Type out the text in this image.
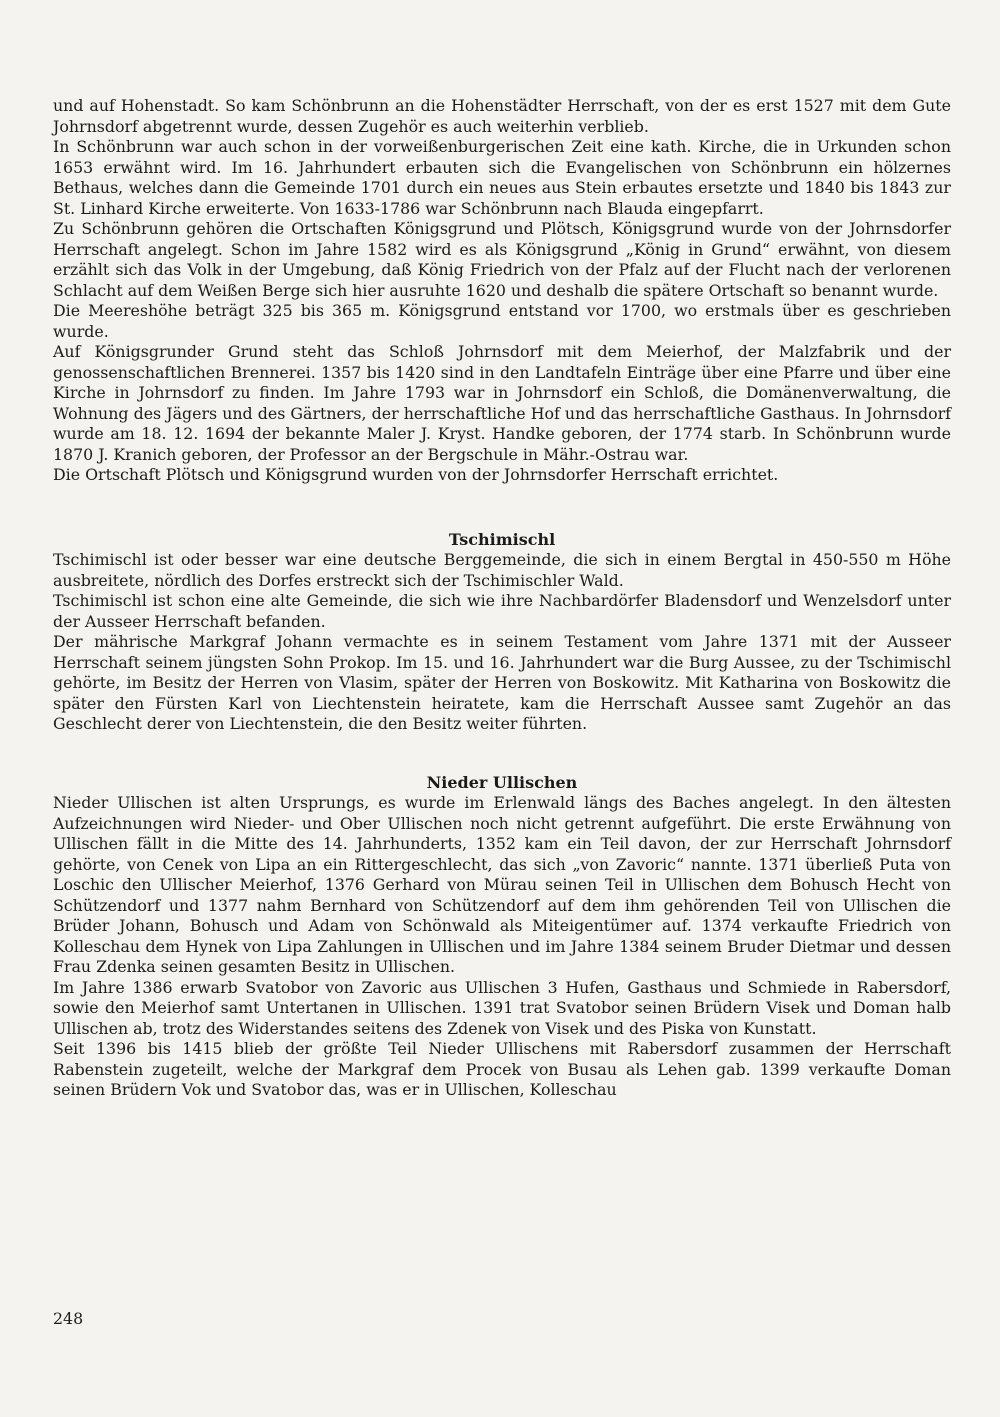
und auf Hohenstadt. So kam Schönbrunn an die Hohenstädter Herrschaft, von der es erst 1527 mit dem Gute Johrnsdorf abgetrennt wurde, dessen Zugehör es auch weiterhin verblieb.

In Schönbrunn war auch schon in der vorweißenburgerischen Zeit eine kath. Kirche, die in Urkunden schon 1653 erwähnt wird. Im 16. Jahrhundert erbauten sich die Evangelischen von Schönbrunn ein hölzernes Bethaus, welches dann die Gemeinde 1701 durch ein neues aus Stein erbautes ersetzte und 1840 bis 1843 zur St. Linhard Kirche erweiterte. Von 1633-1786 war Schönbrunn nach Blauda eingepfarrt.

Zu Schönbrunn gehören die Ortschaften Königsgrund und Plötsch, Königsgrund wurde von der Johrnsdorfer Herrschaft angelegt. Schon im Jahre 1582 wird es als Königsgrund „König in Grund“ erwähnt, von diesem erzählt sich das Volk in der Umgebung, daß König Friedrich von der Pfalz auf der Flucht nach der verlorenen Schlacht auf dem Weißen Berge sich hier ausruhte 1620 und deshalb die spätere Ortschaft so benannt wurde.

Die Meereshöhe beträgt 325 bis 365 m. Königsgrund entstand vor 1700, wo erstmals über es geschrieben wurde.

Auf Königsgrunder Grund steht das Schloß Johrnsdorf mit dem Meierhof, der Malzfabrik und der genossenschaftlichen Brennerei. 1357 bis 1420 sind in den Landtafeln Einträge über eine Pfarre und über eine Kirche in Johrnsdorf zu finden. Im Jahre 1793 war in Johrnsdorf ein Schloß, die Domänenverwaltung, die Wohnung des Jägers und des Gärtners, der herrschaftliche Hof und das herrschaftliche Gasthaus. In Johrnsdorf wurde am 18. 12. 1694 der bekannte Maler J. Kryst. Handke geboren, der 1774 starb. In Schönbrunn wurde 1870 J. Kranich geboren, der Professor an der Bergschule in Mähr.-Ostrau war.

Die Ortschaft Plötsch und Königsgrund wurden von der Johrnsdorfer Herrschaft errichtet.

Tschimischl

Tschimischl ist oder besser war eine deutsche Berggemeinde, die sich in einem Bergtal in 450-550 m Höhe ausbreitete, nördlich des Dorfes erstreckt sich der Tschimischler Wald.

Tschimischl ist schon eine alte Gemeinde, die sich wie ihre Nachbardörfer Bladensdorf und Wenzelsdorf unter der Ausseer Herrschaft befanden.

Der mährische Markgraf Johann vermachte es in seinem Testament vom Jahre 1371 mit der Ausseer Herrschaft seinem jüngsten Sohn Prokop. Im 15. und 16. Jahrhundert war die Burg Aussee, zu der Tschimischl gehörte, im Besitz der Herren von Vlasim, später der Herren von Boskowitz. Mit Katharina von Boskowitz die später den Fürsten Karl von Liechtenstein heiratete, kam die Herrschaft Aussee samt Zugehör an das Geschlecht derer von Liechtenstein, die den Besitz weiter führten.

Nieder Ullischen

Nieder Ullischen ist alten Ursprungs, es wurde im Erlenwald längs des Baches angelegt. In den ältesten Aufzeichnungen wird Nieder- und Ober Ullischen noch nicht getrennt aufgeführt. Die erste Erwähnung von Ullischen fällt in die Mitte des 14. Jahrhunderts, 1352 kam ein Teil davon, der zur Herrschaft Johrnsdorf gehörte, von Cenek von Lipa an ein Rittergeschlecht, das sich „von Zavoric“ nannte. 1371 überließ Puta von Loschic den Ullischer Meierhof, 1376 Gerhard von Mürau seinen Teil in Ullischen dem Bohusch Hecht von Schützendorf und 1377 nahm Bernhard von Schützendorf auf dem ihm gehörenden Teil von Ullischen die Brüder Johann, Bohusch und Adam von Schönwald als Miteigentümer auf. 1374 verkaufte Friedrich von Kolleschau dem Hynek von Lipa Zahlungen in Ullischen und im Jahre 1384 seinem Bruder Dietmar und dessen Frau Zdenka seinen gesamten Besitz in Ullischen.

Im Jahre 1386 erwarb Svatobor von Zavoric aus Ullischen 3 Hufen, Gasthaus und Schmiede in Rabersdorf, sowie den Meierhof samt Untertanen in Ullischen. 1391 trat Svatobor seinen Brüdern Visek und Doman halb Ullischen ab, trotz des Widerstandes seitens des Zdenek von Visek und des Piska von Kunstatt.

Seit 1396 bis 1415 blieb der größte Teil Nieder Ullischens mit Rabersdorf zusammen der Herrschaft Rabenstein zugeteilt, welche der Markgraf dem Procek von Busau als Lehen gab. 1399 verkaufte Doman seinen Brüdern Vok und Svatobor das, was er in Ullischen, Kolleschau

248
